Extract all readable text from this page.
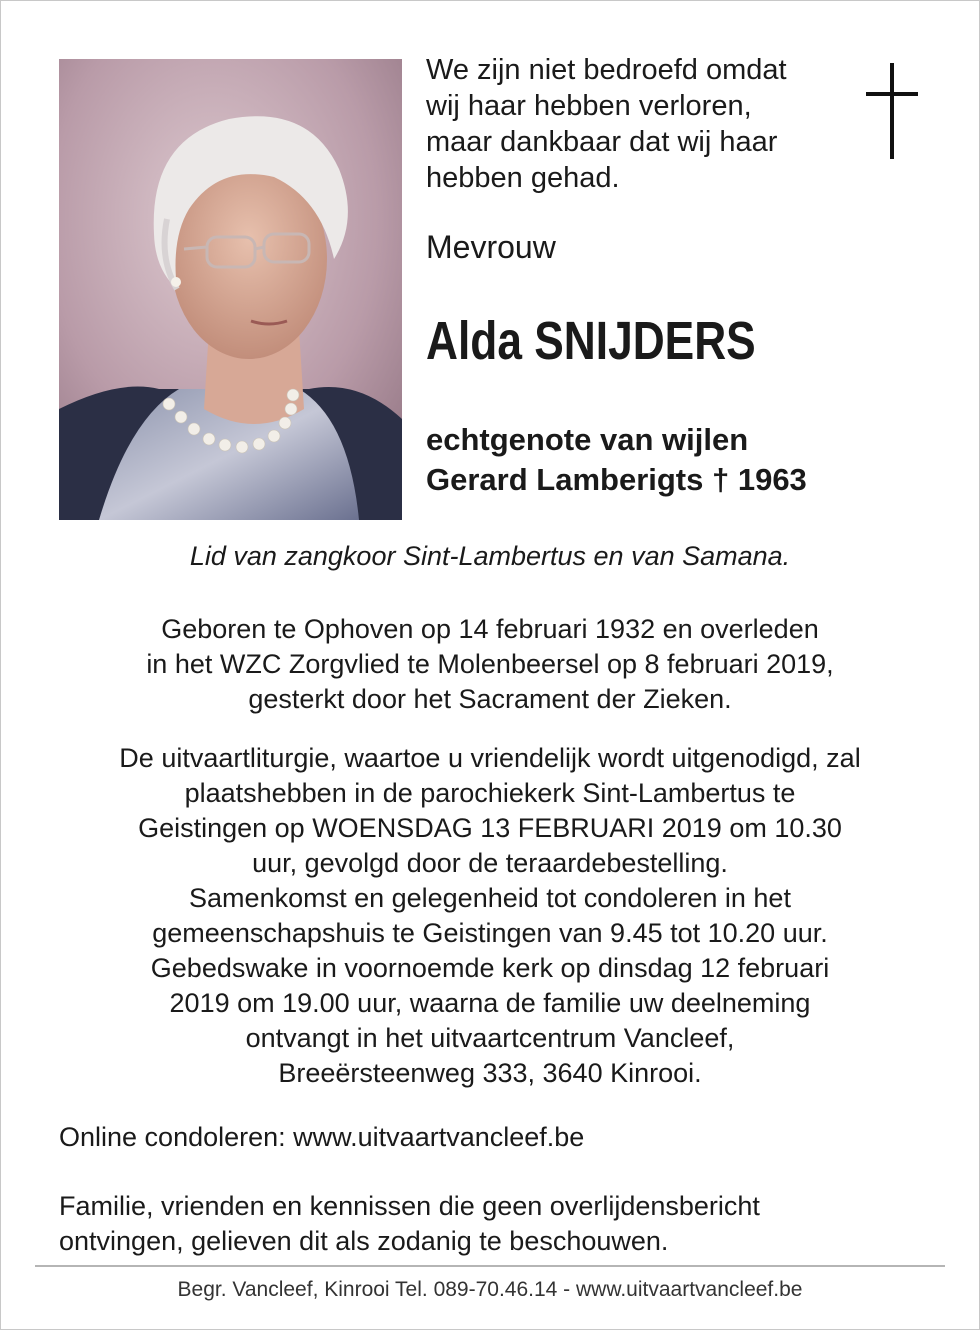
We zijn niet bedroefd omdat
wij haar hebben verloren,
maar dankbaar dat wij haar
hebben gehad.

Mevrouw

Alda SNIJDERS

echtgenote van wijlen
Gerard Lamberigts † 1963

Lid van zangkoor Sint-Lambertus en van Samana.

Geboren te Ophoven op 14 februari 1932 en overleden
in het WZC Zorgvlied te Molenbeersel op 8 februari 2019,
gesterkt door het Sacrament der Zieken.

De uitvaartliturgie, waartoe u vriendelijk wordt uitgenodigd, zal
plaatshebben in de parochiekerk Sint-Lambertus te
Geistingen op WOENSDAG 13 FEBRUARI 2019 om 10.30
uur, gevolgd door de teraardebestelling.
Samenkomst en gelegenheid tot condoleren in het
gemeenschapshuis te Geistingen van 9.45 tot 10.20 uur.
Gebedswake in voornoemde kerk op dinsdag 12 februari
2019 om 19.00 uur, waarna de familie uw deelneming
ontvangt in het uitvaartcentrum Vancleef,
Breeërsteenweg 333, 3640 Kinrooi.

Online condoleren: www.uitvaartvancleef.be

Familie, vrienden en kennissen die geen overlijdensbericht
ontvingen, gelieven dit als zodanig te beschouwen.

Begr. Vancleef, Kinrooi Tel. 089-70.46.14 - www.uitvaartvancleef.be
